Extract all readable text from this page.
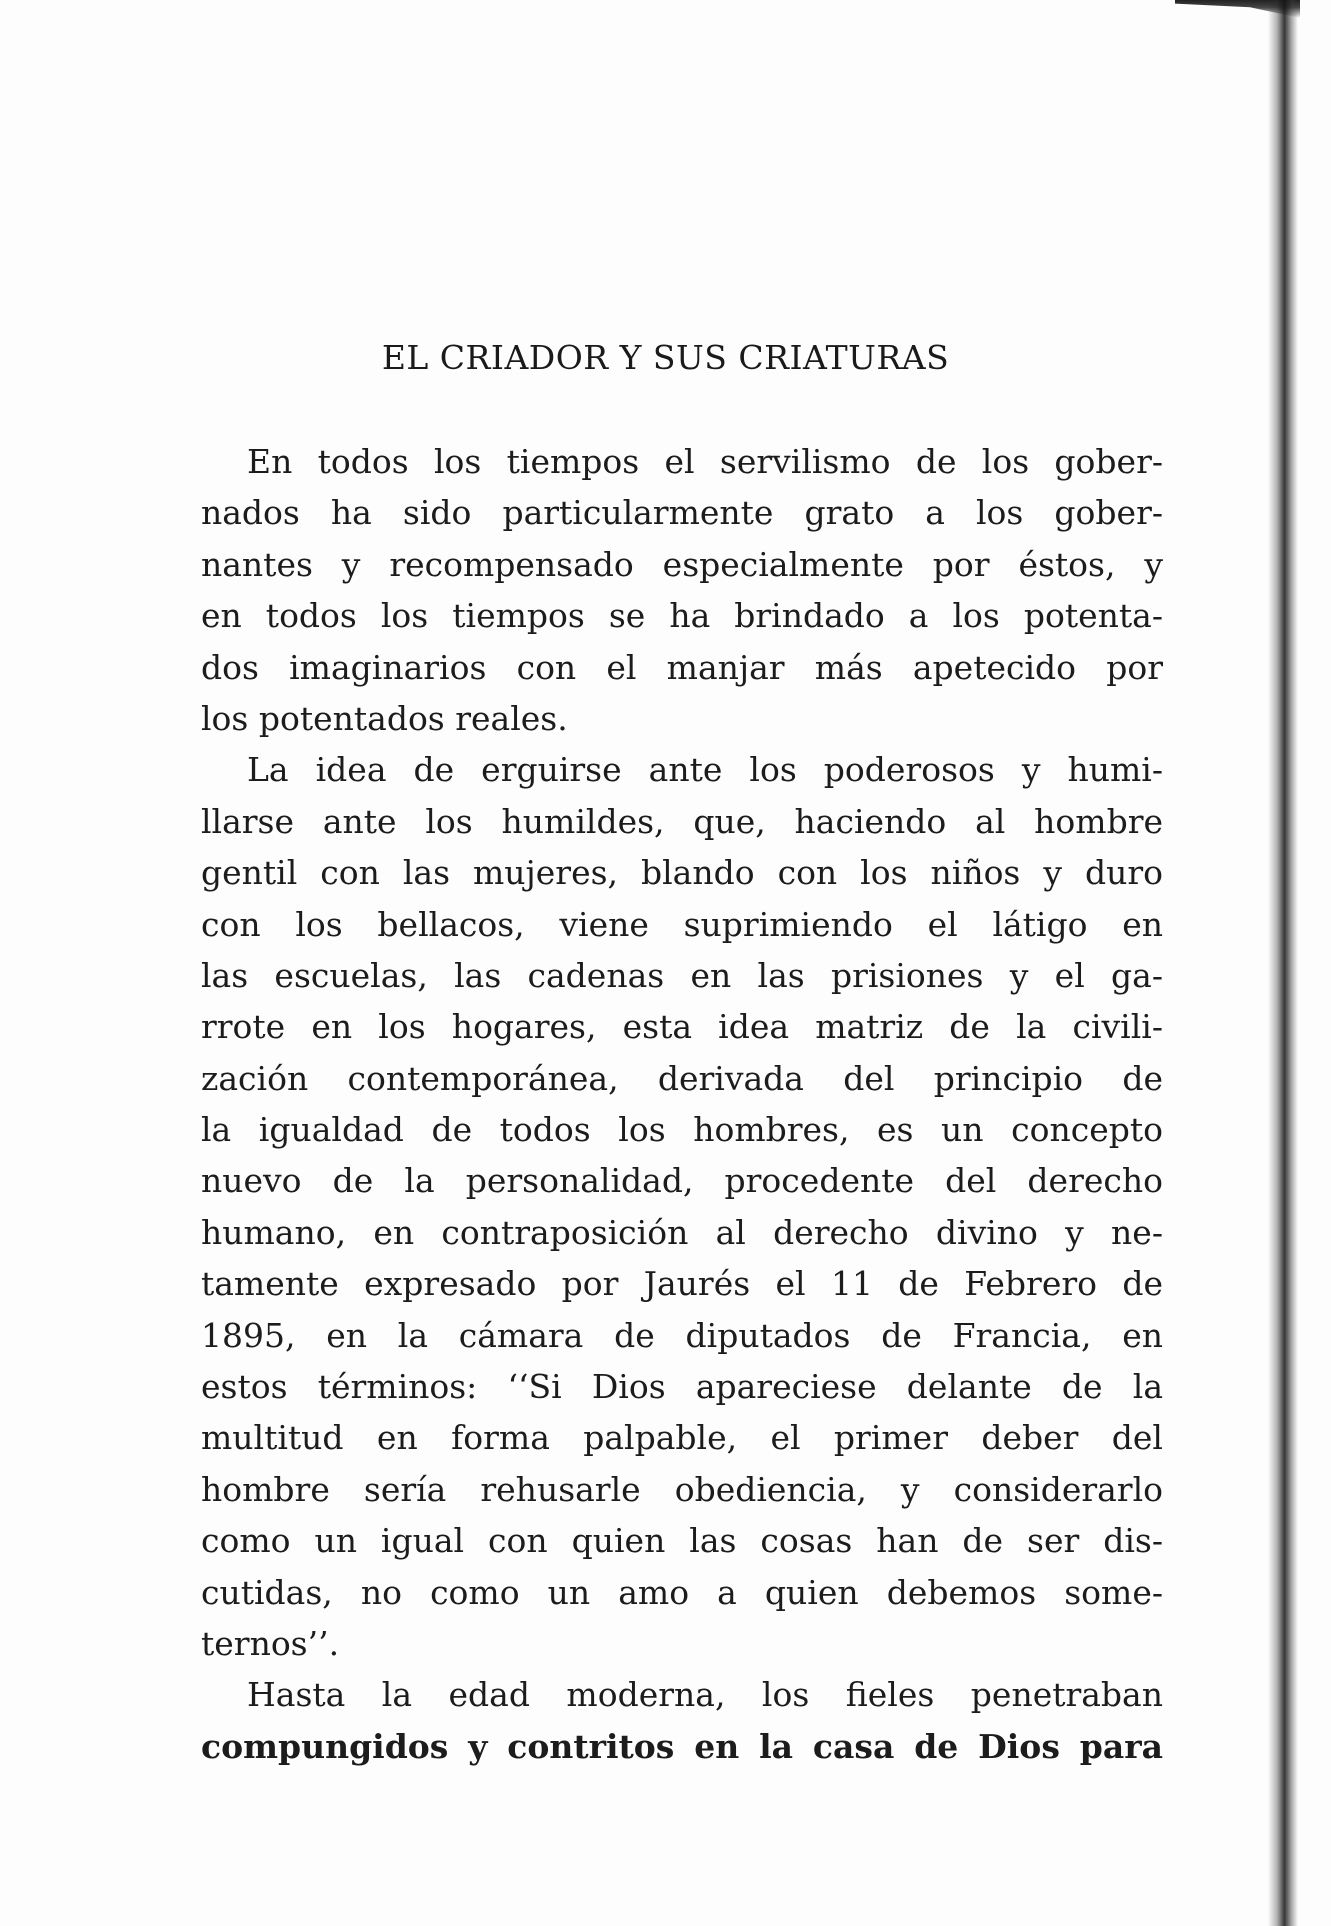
EL CRIADOR Y SUS CRIATURAS
En todos los tiempos el servilismo de los gober-
nados ha sido particularmente grato a los gober-
nantes y recompensado especialmente por éstos, y
en todos los tiempos se ha brindado a los potenta-
dos imaginarios con el manjar más apetecido por
los potentados reales.
La idea de erguirse ante los poderosos y humi-
llarse ante los humildes, que, haciendo al hombre
gentil con las mujeres, blando con los niños y duro
con los bellacos, viene suprimiendo el látigo en
las escuelas, las cadenas en las prisiones y el ga-
rrote en los hogares, esta idea matriz de la civili-
zación contemporánea, derivada del principio de
la igualdad de todos los hombres, es un concepto
nuevo de la personalidad, procedente del derecho
humano, en contraposición al derecho divino y ne-
tamente expresado por Jaurés el 11 de Febrero de
1895, en la cámara de diputados de Francia, en
estos términos: ‘‘Si Dios apareciese delante de la
multitud en forma palpable, el primer deber del
hombre sería rehusarle obediencia, y considerarlo
como un igual con quien las cosas han de ser dis-
cutidas, no como un amo a quien debemos some-
ternos’’.
Hasta la edad moderna, los fieles penetraban
compungidos y contritos en la casa de Dios para
